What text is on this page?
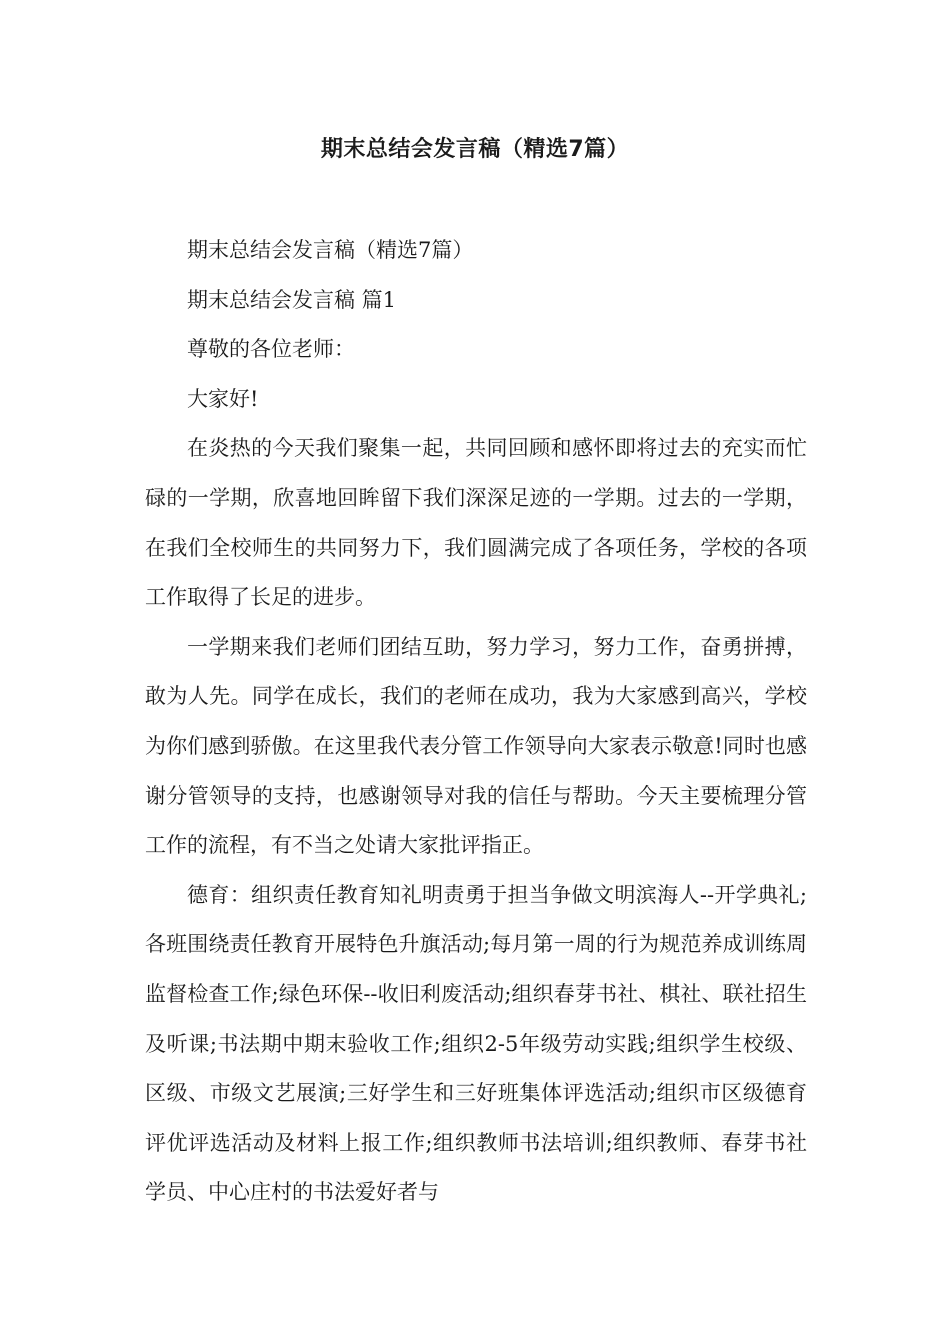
期末总结会发言稿（精选7篇）

期末总结会发言稿（精选7篇）

期末总结会发言稿 篇1

尊敬的各位老师：

大家好!

在炎热的今天我们聚集一起，共同回顾和感怀即将过去的充实而忙碌的一学期，欣喜地回眸留下我们深深足迹的一学期。过去的一学期，在我们全校师生的共同努力下，我们圆满完成了各项任务，学校的各项工作取得了长足的进步。

一学期来我们老师们团结互助，努力学习，努力工作，奋勇拼搏，敢为人先。同学在成长，我们的老师在成功，我为大家感到高兴，学校为你们感到骄傲。在这里我代表分管工作领导向大家表示敬意!同时也感谢分管领导的支持，也感谢领导对我的信任与帮助。今天主要梳理分管工作的流程，有不当之处请大家批评指正。

德育：组织责任教育知礼明责勇于担当争做文明滨海人--开学典礼;各班围绕责任教育开展特色升旗活动;每月第一周的行为规范养成训练周监督检查工作;绿色环保--收旧利废活动;组织春芽书社、棋社、联社招生及听课;书法期中期末验收工作;组织2-5年级劳动实践;组织学生校级、区级、市级文艺展演;三好学生和三好班集体评选活动;组织市区级德育评优评选活动及材料上报工作;组织教师书法培训;组织教师、春芽书社学员、中心庄村的书法爱好者与
